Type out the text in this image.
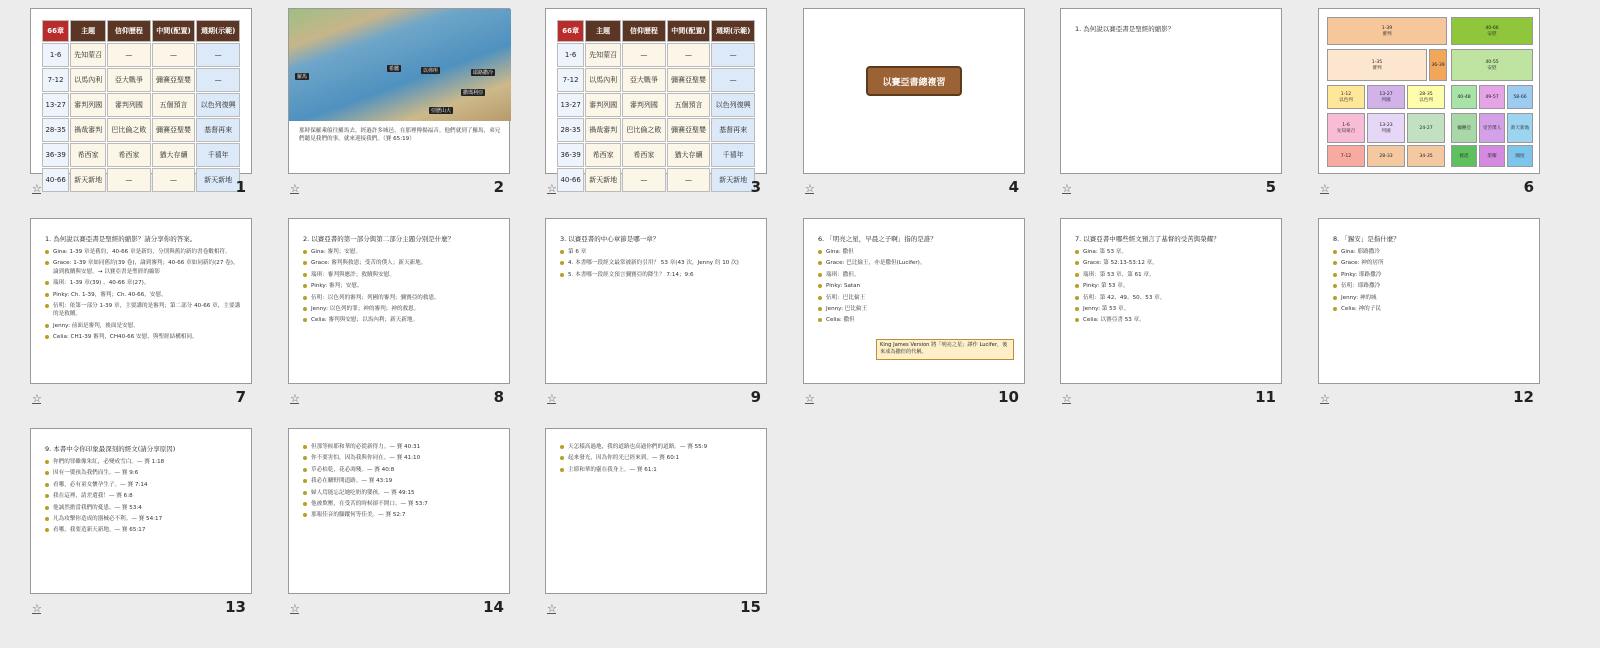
66章	主題	信仰歷程	中間(配置)	週期(示範)
1-6	先知蒙召	—	—	—
7-12	以馬內利	亞大戰爭	彌賽亞聖嬰	—
13-27	審判列國	審判列國	五個預言	以色列復興
28-35	禍哉審判	巴比倫之敗	彌賽亞聖嬰	基督再來
36-39	希西家	希西家	猶大存續	千禧年
40-66	新天新地	—	—	新天新地
☆	1
羅馬
希臘	以弗所	耶路撒冷
亞歷山大
撒瑪利亞
那時保羅乘船往羅馬去，經過許多城邑，在那裡傳揚福音。他們就到了羅馬，弟兄們聽見我們的事，就來迎接我們。（賽 65:19）
☆	2
66章	主題	信仰歷程	中間(配置)	週期(示範)
1-6	先知蒙召	—	—	—
7-12	以馬內利	亞大戰爭	彌賽亞聖嬰	—
13-27	審判列國	審判列國	五個預言	以色列復興
28-35	禍哉審判	巴比倫之敗	彌賽亞聖嬰	基督再來
36-39	希西家	希西家	猶大存續	千禧年
40-66	新天新地	—	—	新天新地
☆	3
以賽亞書總複習
☆	4
1. 為何說以賽亞書是聖經的縮影？
☆	5
1-39
審判
40-66
安慰
1-35
審判
36-39
40-55
安慰
1-12
以色列
13-27
列國
28-35
以色列
40-48	49-57	58-66
1-6
先知蒙召
13-23
列國
24-27	彌賽亞	受苦僕人	新天新地
7-12	28-33	34-35	救恩	榮耀	國度
☆	6
1. 為何說以賽亞書是聖經的縮影？請分享你的答案。
Gina: 1-39 章是舊約，40-66 章是新約，分別與舊約新約書卷數相符。
Grace: 1-39 章如同舊約(39 卷)，論到審判；40-66 章如同新約(27 卷)，論到救贖與安慰。→ 以賽亞書是聖經的縮影
瑞琪：1-39 章(39) ，40-66 章(27)。
Pinky: Ch. 1-39，審判；Ch. 40-66，安慰。
伍明：依第一部分 1-39 章，主要講的是審判；第二部分 40-66 章，主要講的是救贖。
Jenny: 前面是審判，後面是安慰。
Celia: CH1-39 審判，CH40-66 安慰，與聖經結構相同。
☆	7
2. 以賽亞書的第一部分與第二部分主題分別是什麼？
Gina: 審判；安慰。
Grace: 審判與救恩；受苦的僕人；新天新地。
瑞琪：審判與應許；救贖與安慰。
Pinky: 審判；安慰。
伍明：以色列的審判；列國的審判；彌賽亞的救恩。
Jenny: 以色列的罪；神的審判；神的救恩。
Celia: 審判與安慰；以馬內利；新天新地。
☆	8
3. 以賽亞書的中心章節是哪一章？
第 6 章
4. 本書哪一段經文最常被新約引用？ 53 章(43 次，Jenny 約 10 次)
5. 本書哪一段經文預言彌賽亞的降生？ 7:14；9:6
☆	9
6. 「明亮之星，早晨之子啊」指的是誰？
Gina: 撒但
Grace: 巴比倫王，亦是撒但(Lucifer)。
瑞琪：撒但。
Pinky: Satan
伍明：巴比倫王
Jenny: 巴比倫王
Celia: 撒但
King James Version 將「明亮之星」譯作 Lucifer，後來成為撒但的代稱。
☆	10
7. 以賽亞書中哪些經文預言了基督的受苦與榮耀？
Gina: 第 53 章。
Grace: 第 52:13-53:12 章。
瑞琪：第 53 章、第 61 章。
Pinky: 第 53 章。
伍明：第 42、49、50、53 章。
Jenny: 第 53 章。
Celia: 以賽亞書 53 章。
☆	11
8. 「錫安」是指什麼？
Gina: 耶路撒冷
Grace: 神的居所
Pinky: 耶路撒冷
伍明：耶路撒冷
Jenny: 神的城
Celia: 神的子民
☆	12
9. 本書中令你印象最深刻的經文(請分享原因)
你們的罪雖像朱紅，必變成雪白。— 賽 1:18
因有一嬰孩為我們而生。— 賽 9:6
看哪，必有童女懷孕生子。— 賽 7:14
我在這裡，請差遣我！— 賽 6:8
他誠然擔當我們的憂患。— 賽 53:4
凡為攻擊你造成的器械必不利。— 賽 54:17
看哪，我要造新天新地。— 賽 65:17
☆	13
但那等候耶和華的必從新得力。— 賽 40:31
你不要害怕，因為我與你同在。— 賽 41:10
草必枯乾，花必凋殘。— 賽 40:8
我必在曠野開道路。— 賽 43:19
婦人焉能忘記她吃奶的嬰孩。— 賽 49:15
他被欺壓，在受苦的時候卻不開口。— 賽 53:7
那報佳音的腳蹤何等佳美。— 賽 52:7
☆	14
天怎樣高過地，我的道路也高過你們的道路。— 賽 55:9
起來發光，因為你的光已經來到。— 賽 60:1
主耶和華的靈在我身上。— 賽 61:1
☆	15
